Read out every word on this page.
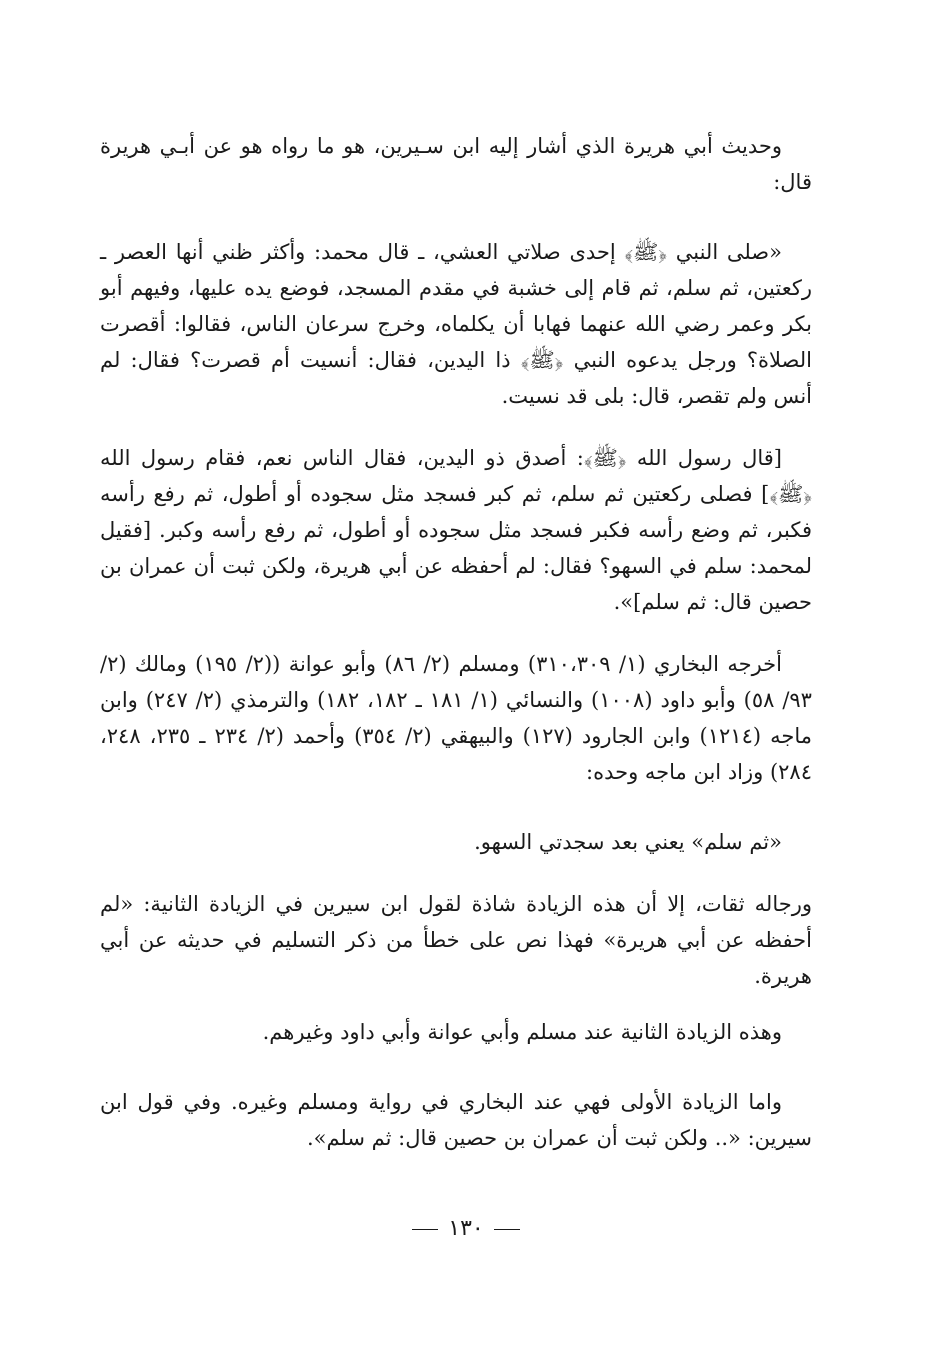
وحديث أبي هريرة الذي أشار إليه ابن سـيرين، هو ما رواه هو عن أبـي هريرة قال:

«صلى النبي ﴿ﷺ﴾ إحدى صلاتي العشي، ـ قال محمد: وأكثر ظني أنها العصر ـ ركعتين، ثم سلم، ثم قام إلى خشبة في مقدم المسجد، فوضع يده عليها، وفيهم أبو بكر وعمر رضي الله عنهما فهابا أن يكلماه، وخرج سرعان الناس، فقالوا: أقصرت الصلاة؟ ورجل يدعوه النبي ﴿ﷺ﴾ ذا اليدين، فقال: أنسيت أم قصرت؟ فقال: لم أنس ولم تقصر، قال: بلى قد نسيت.

[قال رسول الله ﴿ﷺ﴾: أصدق ذو اليدين، فقال الناس نعم، فقام رسول الله ﴿ﷺ﴾] فصلى ركعتين ثم سلم، ثم كبر فسجد مثل سجوده أو أطول، ثم رفع رأسه فكبر، ثم وضع رأسه فكبر فسجد مثل سجوده أو أطول، ثم رفع رأسه وكبر. [فقيل لمحمد: سلم في السهو؟ فقال: لم أحفظه عن أبي هريرة، ولكن ثبت أن عمران بن حصين قال: ثم سلم]».

أخرجه البخاري (١/ ٣١٠،٣٠٩) ومسلم (٢/ ٨٦) وأبو عوانة ((٢/ ١٩٥) ومالك (٢/ ٩٣/ ٥٨) وأبو داود (١٠٠٨) والنسائي (١/ ١٨١ ـ ١٨٢، ١٨٢) والترمذي (٢/ ٢٤٧) وابن ماجه (١٢١٤) وابن الجارود (١٢٧) والبيهقي (٢/ ٣٥٤) وأحمد (٢/ ٢٣٤ ـ ٢٣٥، ٢٤٨، ٢٨٤) وزاد ابن ماجه وحده:

«ثم سلم» يعني بعد سجدتي السهو.

ورجاله ثقات، إلا أن هذه الزيادة شاذة لقول ابن سيرين في الزيادة الثانية: «لم أحفظه عن أبي هريرة» فهذا نص على خطأ من ذكر التسليم في حديثه عن أبي هريرة.

وهذه الزيادة الثانية عند مسلم وأبي عوانة وأبي داود وغيرهم.

واما الزيادة الأولى فهي عند البخاري في رواية ومسلم وغيره. وفي قول ابن سيرين: «.. ولكن ثبت أن عمران بن حصين قال: ثم سلم».

١٣٠
